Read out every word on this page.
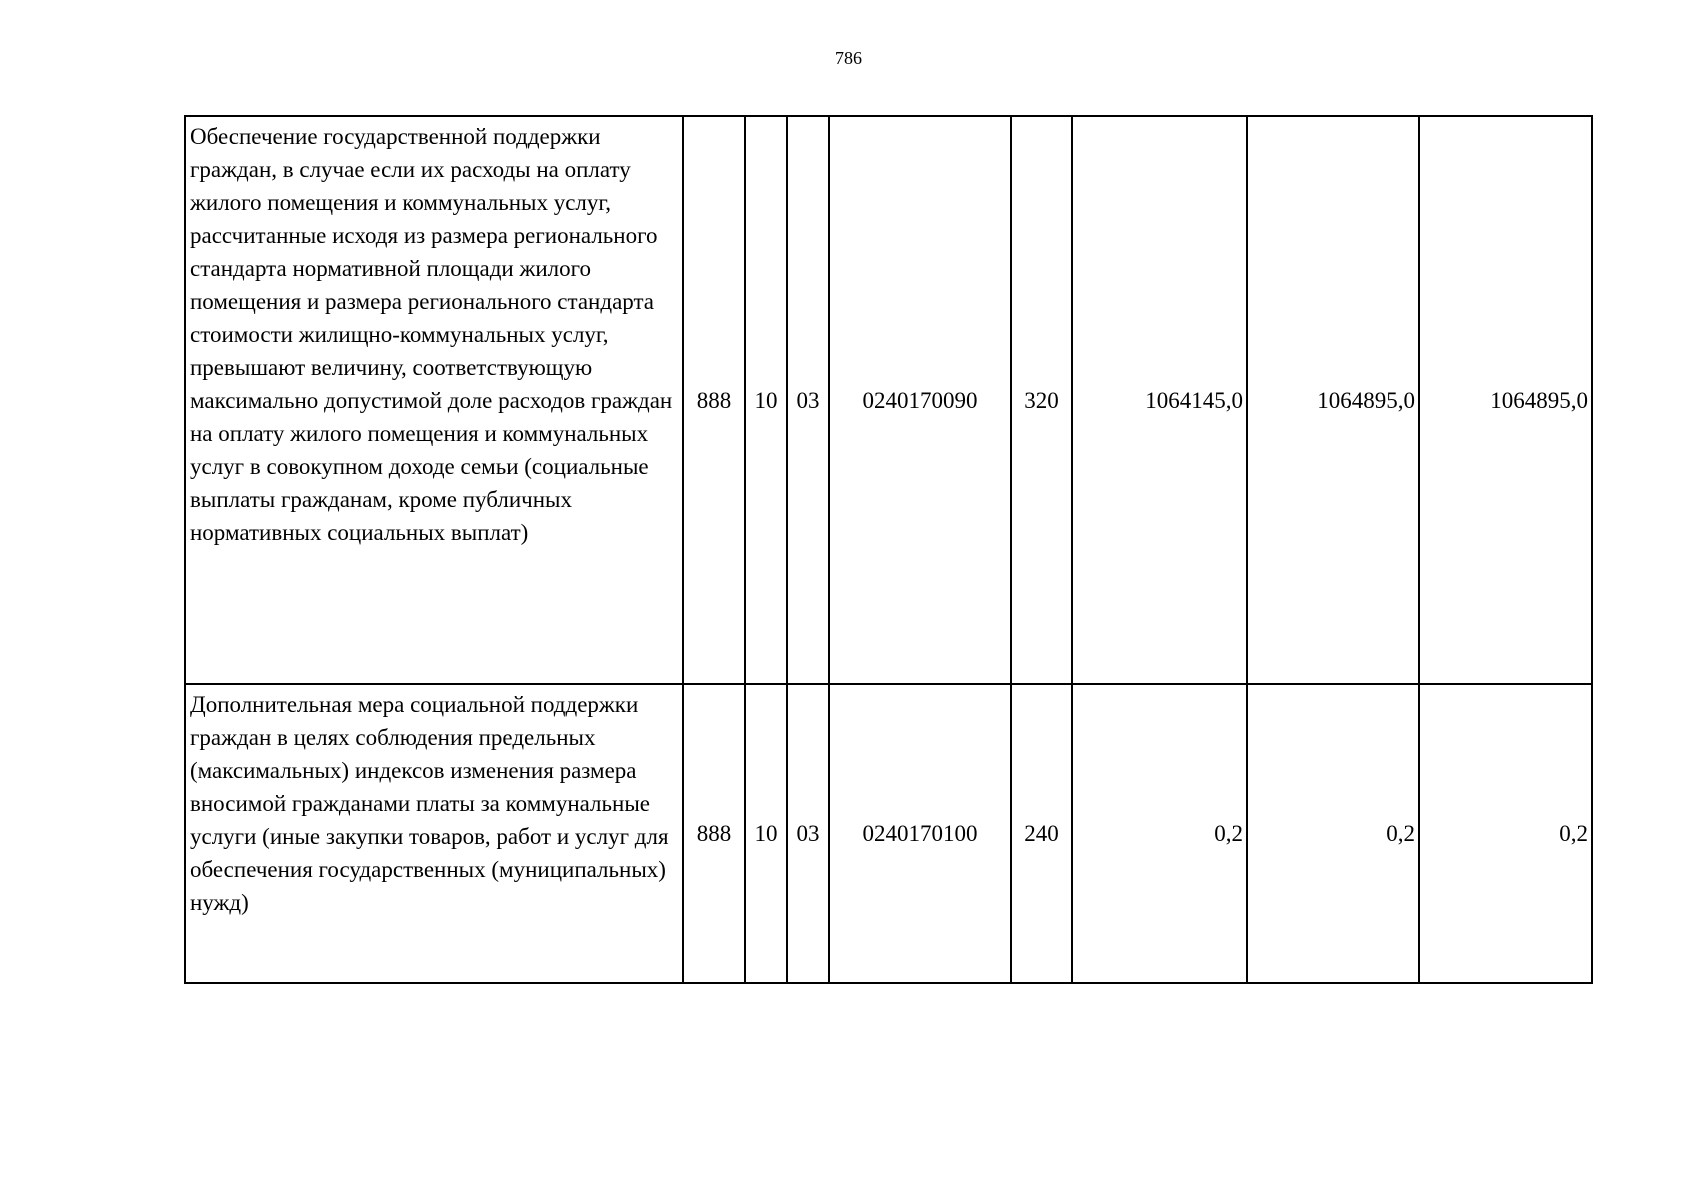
786
Обеспечение государственной поддержки граждан, в случае если их расходы на оплату жилого помещения и коммунальных услуг, рассчитанные исходя из размера регионального стандарта нормативной площади жилого помещения и размера регионального стандарта стоимости жилищно-коммунальных услуг, превышают величину, соответствующую максимально допустимой доле расходов граждан на оплату жилого помещения и коммунальных услуг в совокупном доходе семьи (социальные выплаты гражданам, кроме публичных нормативных социальных выплат)	888	10	03	0240170090	320	1064145,0	1064895,0	1064895,0
Дополнительная мера социальной поддержки граждан в целях соблюдения предельных (максимальных) индексов изменения размера вносимой гражданами платы за коммунальные услуги (иные закупки товаров, работ и услуг для обеспечения государственных (муниципальных) нужд)	888	10	03	0240170100	240	0,2	0,2	0,2
